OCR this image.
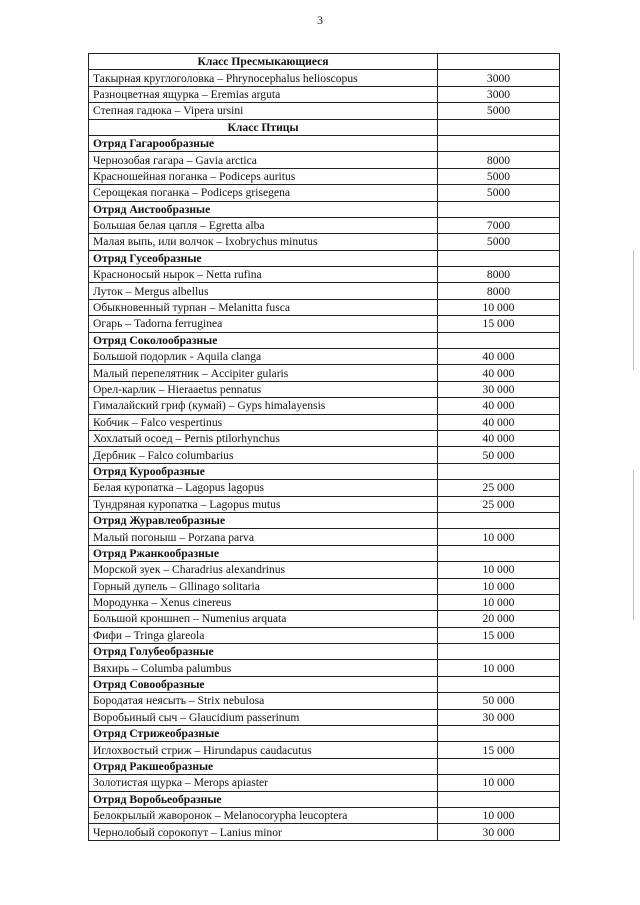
3
Класс Пресмыкающиеся	
Такырная круглоголовка – Phrynocephalus helioscopus	3000
Разноцветная ящурка – Eremias arguta	3000
Степная гадюка – Vipera ursini	5000
Класс Птицы	
Отряд Гагарообразные	
Чернозобая гагара – Gavia arctica	8000
Красношейная поганка – Podiceps auritus	5000
Серощекая поганка – Podiceps grisegena	5000
Отряд Аистообразные	
Большая белая цапля – Egretta alba	7000
Малая выпь, или волчок – Ixobrychus minutus	5000
Отряд Гусеобразные	
Красноносый нырок – Netta rufina	8000
Луток – Mergus albellus	8000
Обыкновенный турпан – Melanitta fusca	10 000
Огарь – Tadorna ferruginea	15 000
Отряд Соколообразные	
Большой подорлик - Aquila clanga	40 000
Малый перепелятник – Accipiter gularis	40 000
Орел-карлик – Hieraaetus pennatus	30 000
Гималайский гриф (кумай) – Gyps himalayensis	40 000
Кобчик – Falco vespertinus	40 000
Хохлатый осоед – Pernis ptilorhynchus	40 000
Дербник – Falco columbarius	50 000
Отряд Курообразные	
Белая куропатка – Lagopus lagopus	25 000
Тундряная куропатка – Lagopus mutus	25 000
Отряд Журавлеобразные	
Малый погоныш – Porzana parva	10 000
Отряд Ржанкообразные	
Морской зуек – Charadrius alexandrinus	10 000
Горный дупель – Gllinago solitaria	10 000
Мородунка – Xenus cinereus	10 000
Большой кроншнеп – Numenius arquata	20 000
Фифи – Tringa glareola	15 000
Отряд Голубеобразные	
Вяхирь – Columba palumbus	10 000
Отряд Совообразные	
Бородатая неясыть – Strix nebulosa	50 000
Воробьиный сыч – Glaucidium passerinum	30 000
Отряд Стрижеобразные	
Иглохвостый стриж – Hirundapus caudacutus	15 000
Отряд Ракшеобразные	
Золотистая щурка – Merops apiaster	10 000
Отряд Воробьеобразные	
Белокрылый жаворонок – Melanocorypha leucoptera	10 000
Чернолобый сорокопут – Lanius minor	30 000
